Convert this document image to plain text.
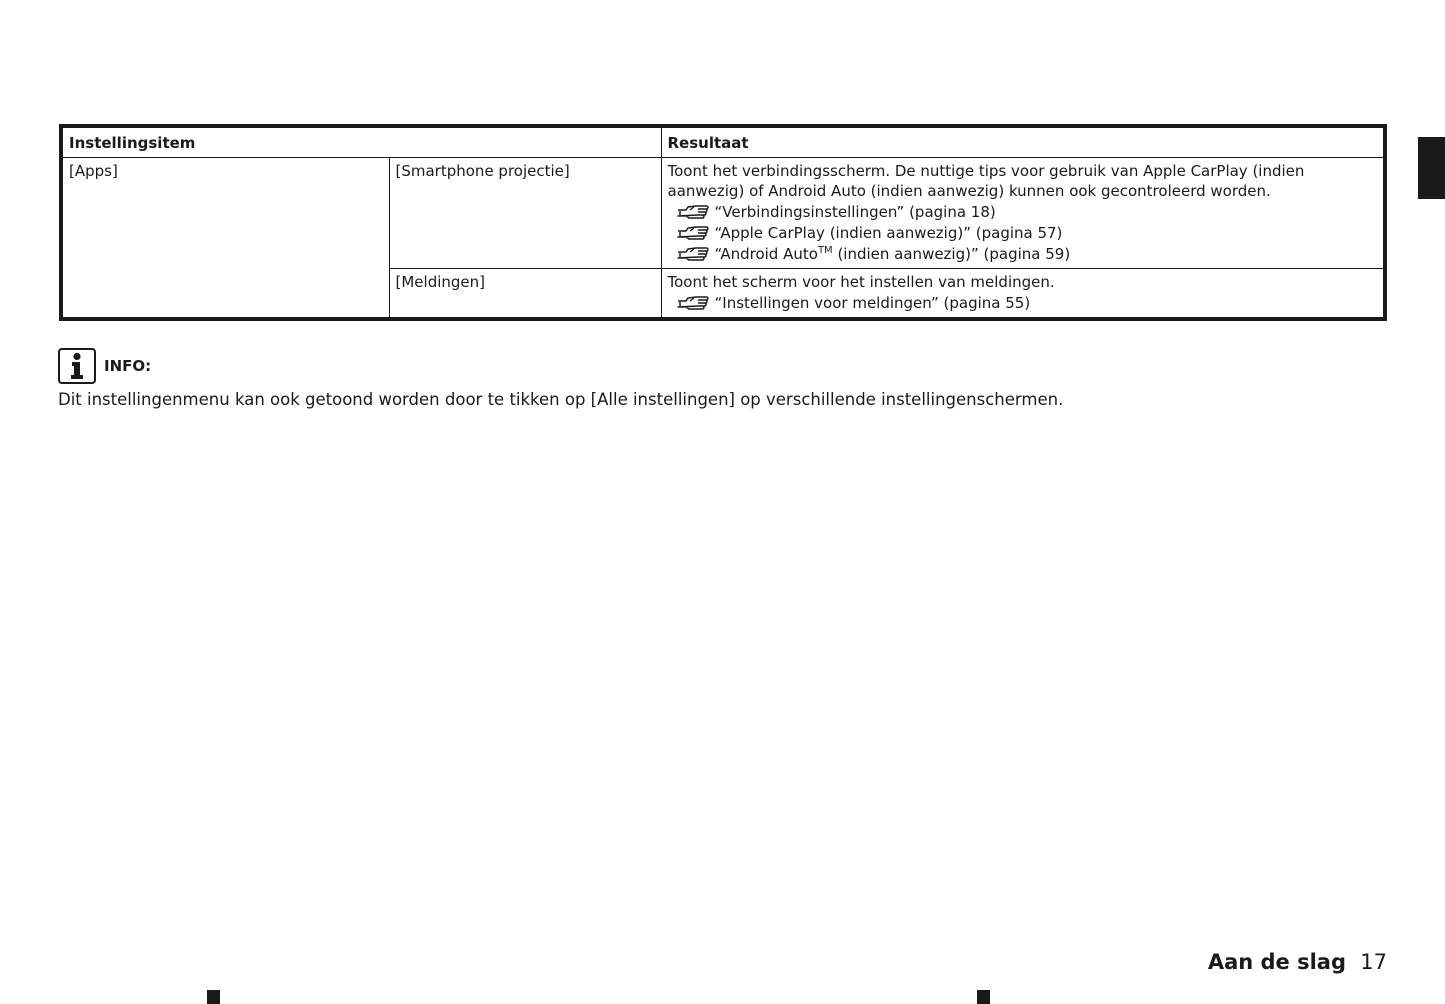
Instellingsitem		Resultaat
[Apps]	[Smartphone projectie]	Toont het verbindingsscherm. De nuttige tips voor gebruik van Apple CarPlay (indien aanwezig) of Android Auto (indien aanwezig) kunnen ook gecontroleerd worden.
“Verbindingsinstellingen” (pagina 18)
“Apple CarPlay (indien aanwezig)” (pagina 57)
“Android Auto™ (indien aanwezig)” (pagina 59)

	[Meldingen]	Toont het scherm voor het instellen van meldingen.
“Instellingen voor meldingen” (pagina 55)
INFO:
Dit instellingenmenu kan ook getoond worden door te tikken op [Alle instellingen] op verschillende instellingenschermen.
Aan de slag 17
